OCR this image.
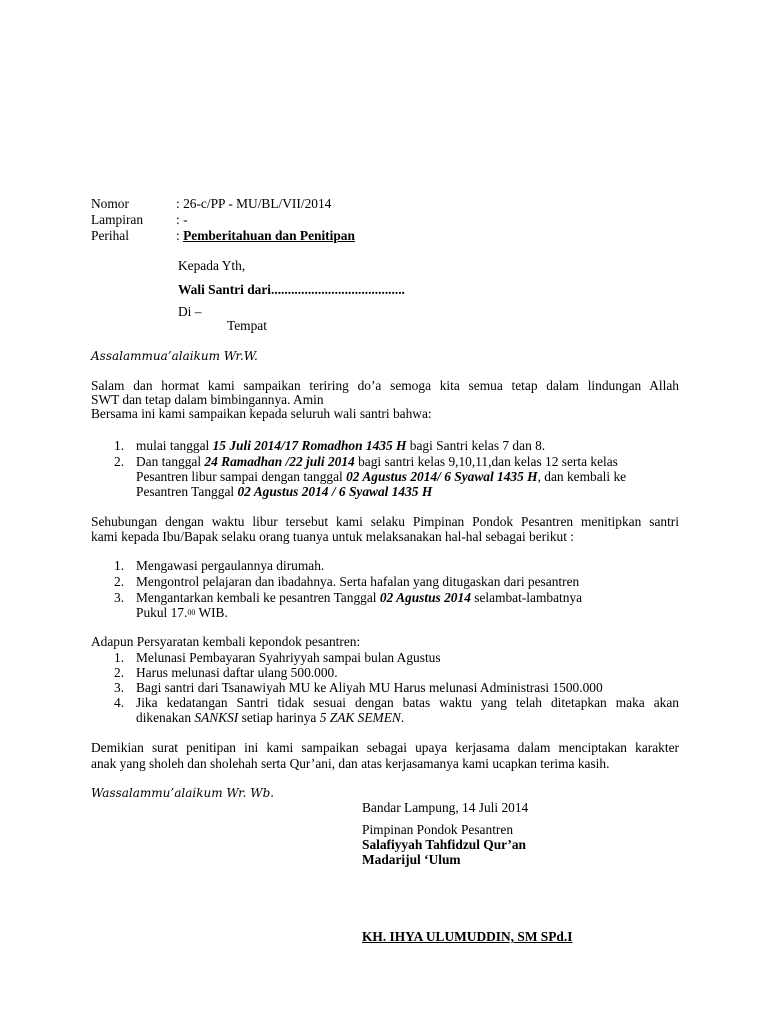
Nomor	: 26-c/PP - MU/BL/VII/2014
Lampiran : -
Perihal	: Pemberitahuan dan Penitipan
Kepada Yth,
Wali Santri dari........................................
Di –
Tempat
Assalammua’alaikum Wr.W.
Salam dan hormat kami sampaikan teriring do’a semoga kita semua tetap dalam lindungan Allah
SWT dan tetap dalam bimbingannya. Amin
Bersama ini kami sampaikan kepada seluruh wali santri bahwa:
1. mulai tanggal 15 Juli 2014/17 Romadhon 1435 H bagi Santri kelas 7 dan 8.
2. Dan tanggal 24 Ramadhan /22 juli 2014 bagi santri kelas 9,10,11,dan kelas 12 serta kelas
Pesantren libur sampai dengan tanggal 02 Agustus 2014/ 6 Syawal 1435 H, dan kembali ke
Pesantren Tanggal 02 Agustus 2014 / 6 Syawal 1435 H
Sehubungan dengan waktu libur tersebut kami selaku Pimpinan Pondok Pesantren menitipkan santri
kami kepada Ibu/Bapak selaku orang tuanya untuk melaksanakan hal-hal sebagai berikut :
1. Mengawasi pergaulannya dirumah.
2. Mengontrol pelajaran dan ibadahnya. Serta hafalan yang ditugaskan dari pesantren
3. Mengantarkan kembali ke pesantren Tanggal 02 Agustus 2014 selambat-lambatnya
Pukul 17.00 WIB.
Adapun Persyaratan kembali kepondok pesantren:
1. Melunasi Pembayaran Syahriyyah sampai bulan Agustus
2. Harus melunasi daftar ulang 500.000.
3. Bagi santri dari Tsanawiyah MU ke Aliyah MU Harus melunasi Administrasi 1500.000
4. Jika kedatangan Santri tidak sesuai dengan batas waktu yang telah ditetapkan maka akan
dikenakan SANKSI setiap harinya 5 ZAK SEMEN.
Demikian surat penitipan ini kami sampaikan sebagai upaya kerjasama dalam menciptakan karakter
anak yang sholeh dan sholehah serta Qur’ani, dan atas kerjasamanya kami ucapkan terima kasih.
Wassalammu’alaikum Wr. Wb.
Bandar Lampung, 14 Juli 2014
Pimpinan Pondok Pesantren
Salafiyyah Tahfidzul Qur’an
Madarijul ‘Ulum
KH. IHYA ULUMUDDIN, SM SPd.I
